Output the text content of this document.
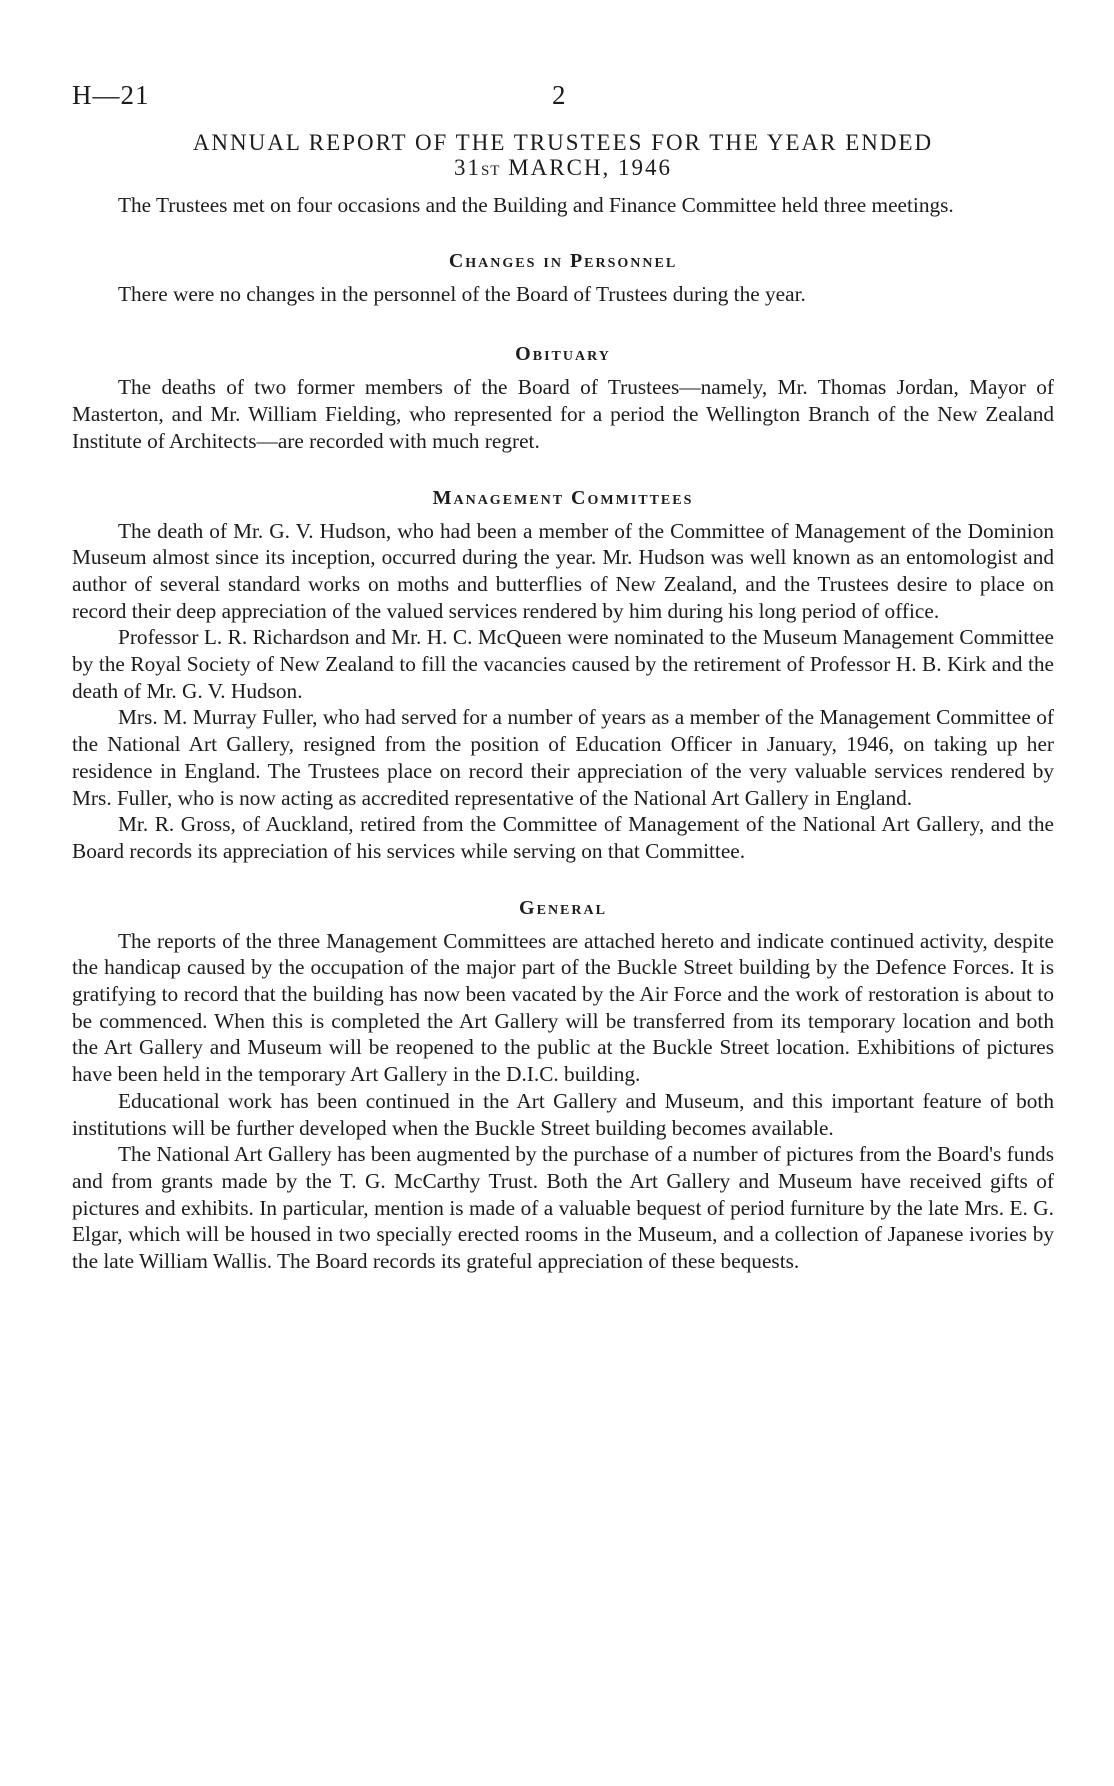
H—21	2
ANNUAL REPORT OF THE TRUSTEES FOR THE YEAR ENDED
31ST MARCH, 1946

The Trustees met on four occasions and the Building and Finance Committee held three meetings.

Changes in Personnel

There were no changes in the personnel of the Board of Trustees during the year.

Obituary

The deaths of two former members of the Board of Trustees—namely, Mr. Thomas Jordan, Mayor of Masterton, and Mr. William Fielding, who represented for a period the Wellington Branch of the New Zealand Institute of Architects—are recorded with much regret.

Management Committees

The death of Mr. G. V. Hudson, who had been a member of the Committee of Management of the Dominion Museum almost since its inception, occurred during the year. Mr. Hudson was well known as an entomologist and author of several standard works on moths and butterflies of New Zealand, and the Trustees desire to place on record their deep appreciation of the valued services rendered by him during his long period of office.

Professor L. R. Richardson and Mr. H. C. McQueen were nominated to the Museum Management Committee by the Royal Society of New Zealand to fill the vacancies caused by the retirement of Professor H. B. Kirk and the death of Mr. G. V. Hudson.

Mrs. M. Murray Fuller, who had served for a number of years as a member of the Management Committee of the National Art Gallery, resigned from the position of Education Officer in January, 1946, on taking up her residence in England. The Trustees place on record their appreciation of the very valuable services rendered by Mrs. Fuller, who is now acting as accredited representative of the National Art Gallery in England.

Mr. R. Gross, of Auckland, retired from the Committee of Management of the National Art Gallery, and the Board records its appreciation of his services while serving on that Committee.

General

The reports of the three Management Committees are attached hereto and indicate continued activity, despite the handicap caused by the occupation of the major part of the Buckle Street building by the Defence Forces. It is gratifying to record that the building has now been vacated by the Air Force and the work of restoration is about to be commenced. When this is completed the Art Gallery will be transferred from its temporary location and both the Art Gallery and Museum will be reopened to the public at the Buckle Street location. Exhibitions of pictures have been held in the temporary Art Gallery in the D.I.C. building.

Educational work has been continued in the Art Gallery and Museum, and this important feature of both institutions will be further developed when the Buckle Street building becomes available.

The National Art Gallery has been augmented by the purchase of a number of pictures from the Board's funds and from grants made by the T. G. McCarthy Trust. Both the Art Gallery and Museum have received gifts of pictures and exhibits. In particular, mention is made of a valuable bequest of period furniture by the late Mrs. E. G. Elgar, which will be housed in two specially erected rooms in the Museum, and a collection of Japanese ivories by the late William Wallis. The Board records its grateful appreciation of these bequests.
